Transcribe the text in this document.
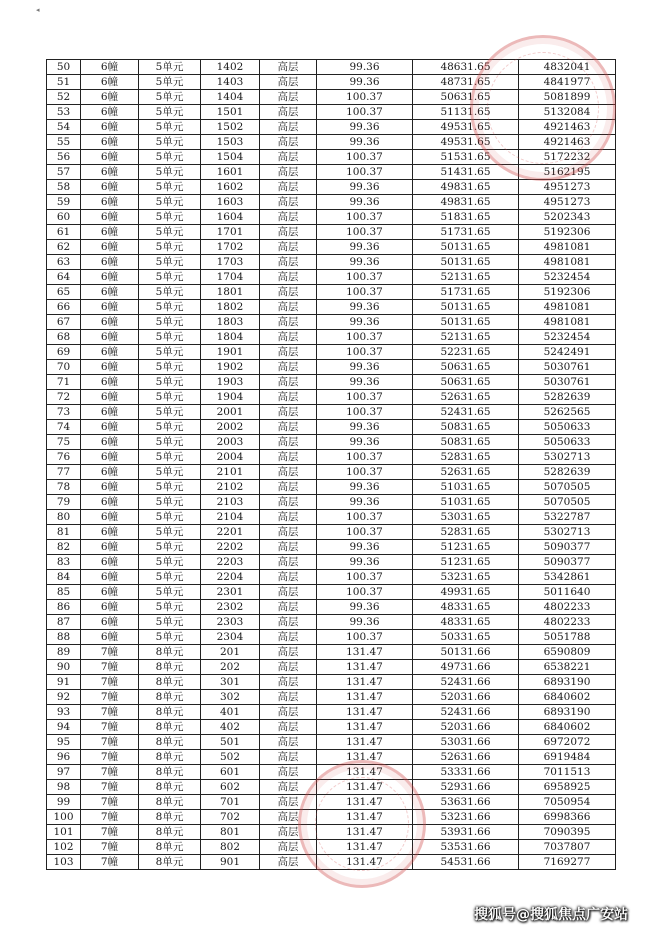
◂
50	6幢	5单元	1402	高层	99.36	48631.65	4832041
51	6幢	5单元	1403	高层	99.36	48731.65	4841977
52	6幢	5单元	1404	高层	100.37	50631.65	5081899
53	6幢	5单元	1501	高层	100.37	51131.65	5132084
54	6幢	5单元	1502	高层	99.36	49531.65	4921463
55	6幢	5单元	1503	高层	99.36	49531.65	4921463
56	6幢	5单元	1504	高层	100.37	51531.65	5172232
57	6幢	5单元	1601	高层	100.37	51431.65	5162195
58	6幢	5单元	1602	高层	99.36	49831.65	4951273
59	6幢	5单元	1603	高层	99.36	49831.65	4951273
60	6幢	5单元	1604	高层	100.37	51831.65	5202343
61	6幢	5单元	1701	高层	100.37	51731.65	5192306
62	6幢	5单元	1702	高层	99.36	50131.65	4981081
63	6幢	5单元	1703	高层	99.36	50131.65	4981081
64	6幢	5单元	1704	高层	100.37	52131.65	5232454
65	6幢	5单元	1801	高层	100.37	51731.65	5192306
66	6幢	5单元	1802	高层	99.36	50131.65	4981081
67	6幢	5单元	1803	高层	99.36	50131.65	4981081
68	6幢	5单元	1804	高层	100.37	52131.65	5232454
69	6幢	5单元	1901	高层	100.37	52231.65	5242491
70	6幢	5单元	1902	高层	99.36	50631.65	5030761
71	6幢	5单元	1903	高层	99.36	50631.65	5030761
72	6幢	5单元	1904	高层	100.37	52631.65	5282639
73	6幢	5单元	2001	高层	100.37	52431.65	5262565
74	6幢	5单元	2002	高层	99.36	50831.65	5050633
75	6幢	5单元	2003	高层	99.36	50831.65	5050633
76	6幢	5单元	2004	高层	100.37	52831.65	5302713
77	6幢	5单元	2101	高层	100.37	52631.65	5282639
78	6幢	5单元	2102	高层	99.36	51031.65	5070505
79	6幢	5单元	2103	高层	99.36	51031.65	5070505
80	6幢	5单元	2104	高层	100.37	53031.65	5322787
81	6幢	5单元	2201	高层	100.37	52831.65	5302713
82	6幢	5单元	2202	高层	99.36	51231.65	5090377
83	6幢	5单元	2203	高层	99.36	51231.65	5090377
84	6幢	5单元	2204	高层	100.37	53231.65	5342861
85	6幢	5单元	2301	高层	100.37	49931.65	5011640
86	6幢	5单元	2302	高层	99.36	48331.65	4802233
87	6幢	5单元	2303	高层	99.36	48331.65	4802233
88	6幢	5单元	2304	高层	100.37	50331.65	5051788
89	7幢	8单元	201	高层	131.47	50131.66	6590809
90	7幢	8单元	202	高层	131.47	49731.66	6538221
91	7幢	8单元	301	高层	131.47	52431.66	6893190
92	7幢	8单元	302	高层	131.47	52031.66	6840602
93	7幢	8单元	401	高层	131.47	52431.66	6893190
94	7幢	8单元	402	高层	131.47	52031.66	6840602
95	7幢	8单元	501	高层	131.47	53031.66	6972072
96	7幢	8单元	502	高层	131.47	52631.66	6919484
97	7幢	8单元	601	高层	131.47	53331.66	7011513
98	7幢	8单元	602	高层	131.47	52931.66	6958925
99	7幢	8单元	701	高层	131.47	53631.66	7050954
100	7幢	8单元	702	高层	131.47	53231.66	6998366
101	7幢	8单元	801	高层	131.47	53931.66	7090395
102	7幢	8单元	802	高层	131.47	53531.66	7037807
103	7幢	8单元	901	高层	131.47	54531.66	7169277
搜狐号@搜狐焦点广安站
